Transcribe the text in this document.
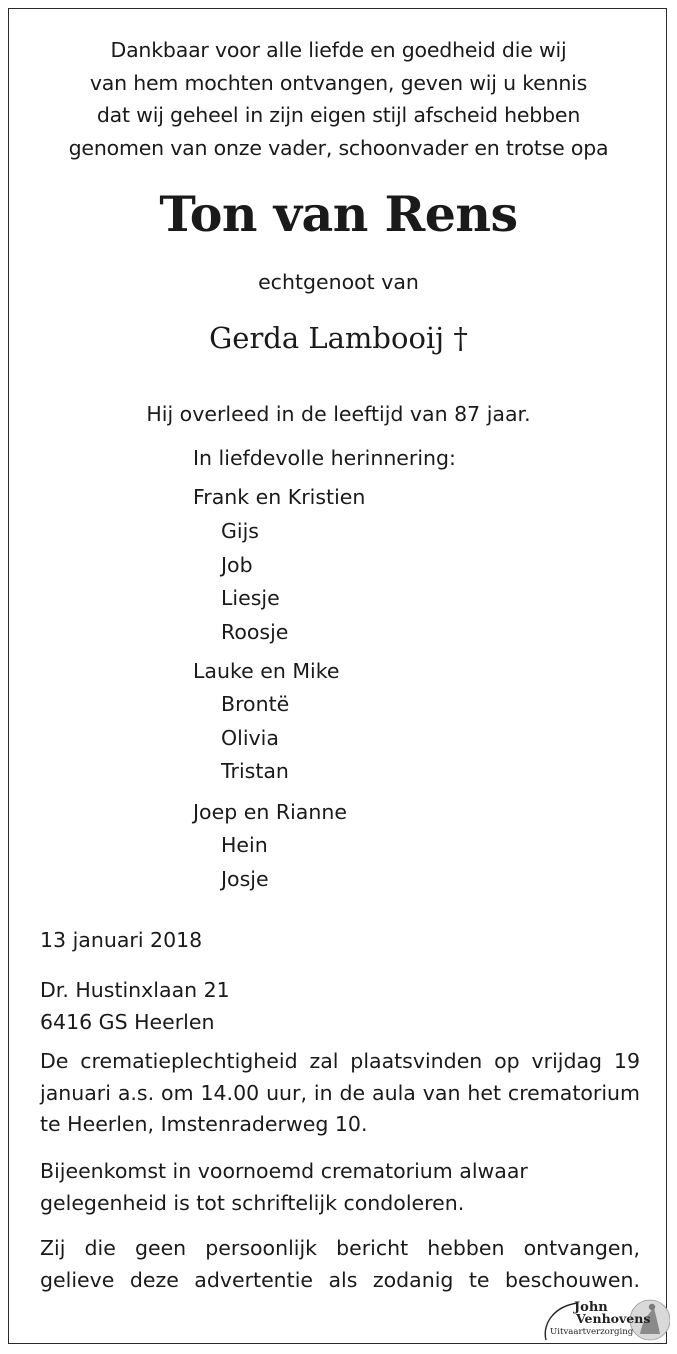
Dankbaar voor alle liefde en goedheid die wij
van hem mochten ontvangen, geven wij u kennis
dat wij geheel in zijn eigen stijl afscheid hebben
genomen van onze vader, schoonvader en trotse opa
Ton van Rens
echtgenoot van
Gerda Lambooij †
Hij overleed in de leeftijd van 87 jaar.
In liefdevolle herinnering:
Frank en Kristien
Gijs
Job
Liesje
Roosje
Lauke en Mike
Brontë
Olivia
Tristan
Joep en Rianne
Hein
Josje
13 januari 2018
Dr. Hustinxlaan 21
6416 GS Heerlen
De crematieplechtigheid zal plaatsvinden op vrijdag 19
januari a.s. om 14.00 uur, in de aula van het crematorium
te Heerlen, Imstenraderweg 10.
Bijeenkomst in voornoemd crematorium alwaar
gelegenheid is tot schriftelijk condoleren.
Zij die geen persoonlijk bericht hebben ontvangen,
gelieve deze advertentie als zodanig te beschouwen.
John
Venhovens
Uitvaartverzorging
